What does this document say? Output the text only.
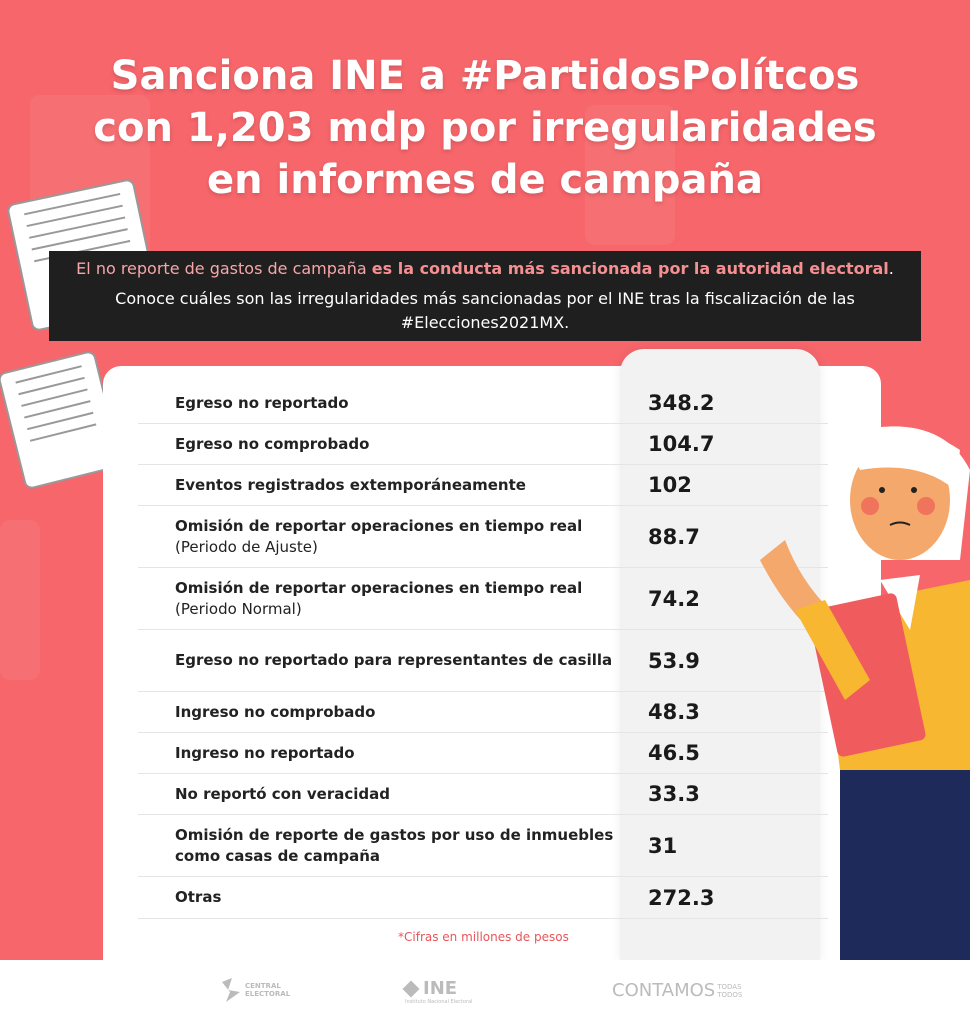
Sanciona INE a #PartidosPolítcos
con 1,203 mdp por irregularidades
en informes de campaña
El no reporte de gastos de campaña es la conducta más sancionada por la autoridad electoral.
Conoce cuáles son las irregularidades más sancionadas por el INE tras la fiscalización de las #Elecciones2021MX.
Egreso no reportado	348.2
Egreso no comprobado	104.7
Eventos registrados extemporáneamente	102
Omisión de reportar operaciones en tiempo real
(Periodo de Ajuste)	88.7
Omisión de reportar operaciones en tiempo real
(Periodo Normal)	74.2
Egreso no reportado para representantes de casilla 53.9
Ingreso no comprobado	48.3
Ingreso no reportado	46.5
No reportó con veracidad	33.3
Omisión de reporte de gastos por uso de inmuebles como casas de campaña	31
Otras	272.3
*Cifras en millones de pesos
CENTRAL ELECTORAL	INE
Instituto Nacional Electoral
CONTAMOS TODAS
TODOS
